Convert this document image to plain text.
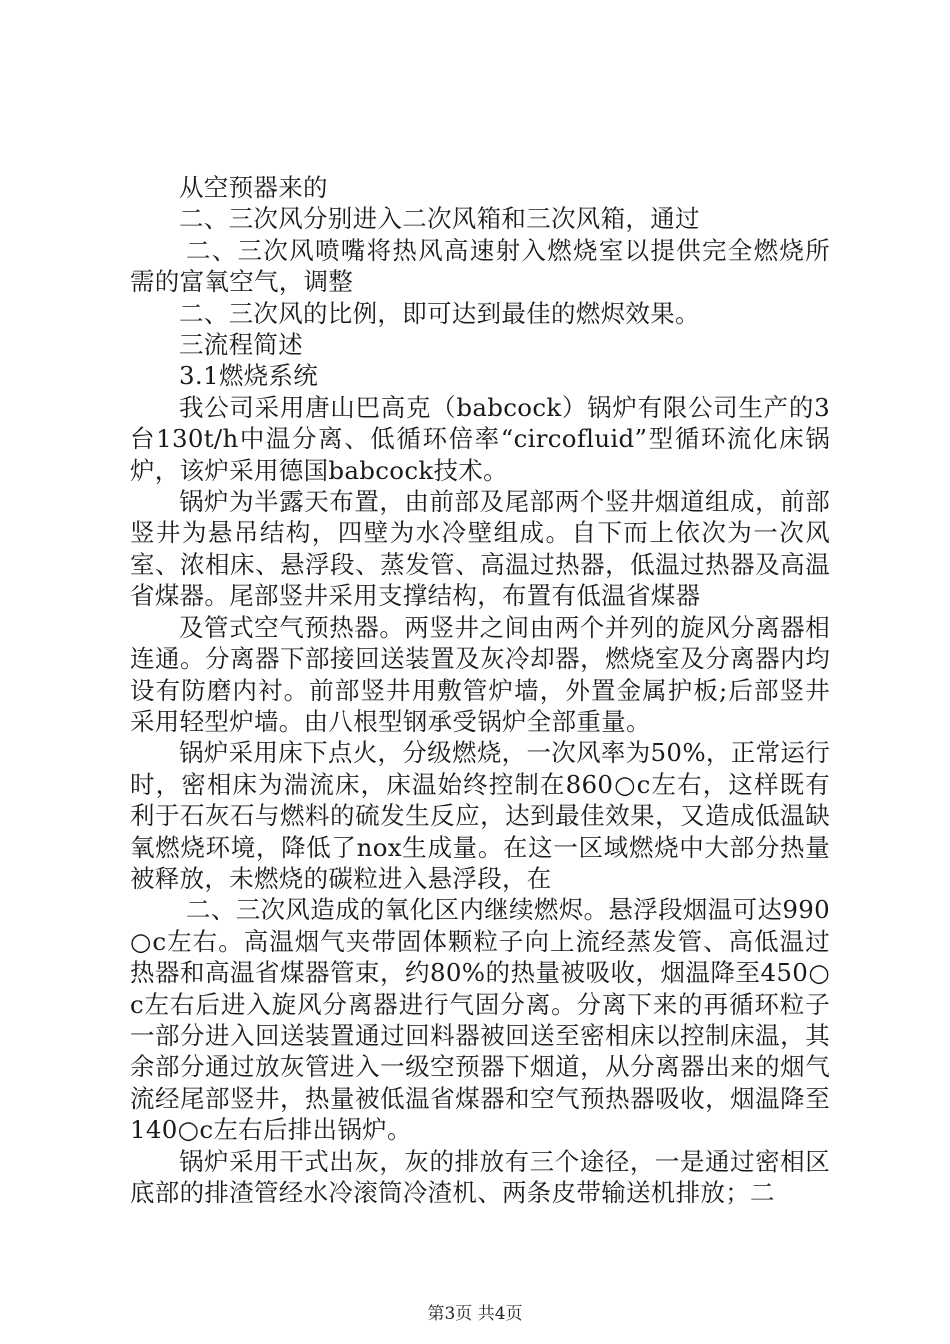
从空预器来的

二、三次风分别进入二次风箱和三次风箱，通过

二、三次风喷嘴将热风高速射入燃烧室以提供完全燃烧所需的富氧空气，调整

二、三次风的比例，即可达到最佳的燃烬效果。

三流程简述

3.1燃烧系统

我公司采用唐山巴高克（babcock）锅炉有限公司生产的3台130t/h中温分离、低循环倍率“circofluid”型循环流化床锅炉，该炉采用德国babcock技术。

锅炉为半露天布置，由前部及尾部两个竖井烟道组成，前部竖井为悬吊结构，四壁为水冷壁组成。自下而上依次为一次风室、浓相床、悬浮段、蒸发管、高温过热器，低温过热器及高温省煤器。尾部竖井采用支撑结构，布置有低温省煤器

及管式空气预热器。两竖井之间由两个并列的旋风分离器相连通。分离器下部接回送装置及灰冷却器，燃烧室及分离器内均设有防磨内衬。前部竖井用敷管炉墙，外置金属护板;后部竖井采用轻型炉墙。由八根型钢承受锅炉全部重量。

锅炉采用床下点火，分级燃烧，一次风率为50%，正常运行时，密相床为湍流床，床温始终控制在860○c左右，这样既有利于石灰石与燃料的硫发生反应，达到最佳效果，又造成低温缺氧燃烧环境，降低了nox生成量。在这一区域燃烧中大部分热量被释放，未燃烧的碳粒进入悬浮段，在

二、三次风造成的氧化区内继续燃烬。悬浮段烟温可达990○c左右。高温烟气夹带固体颗粒子向上流经蒸发管、高低温过热器和高温省煤器管束，约80%的热量被吸收，烟温降至450○c左右后进入旋风分离器进行气固分离。分离下来的再循环粒子一部分进入回送装置通过回料器被回送至密相床以控制床温，其余部分通过放灰管进入一级空预器下烟道，从分离器出来的烟气流经尾部竖井，热量被低温省煤器和空气预热器吸收，烟温降至140○c左右后排出锅炉。

锅炉采用干式出灰，灰的排放有三个途径，一是通过密相区底部的排渣管经水冷滚筒冷渣机、两条皮带输送机排放；二

第3页 共4页
